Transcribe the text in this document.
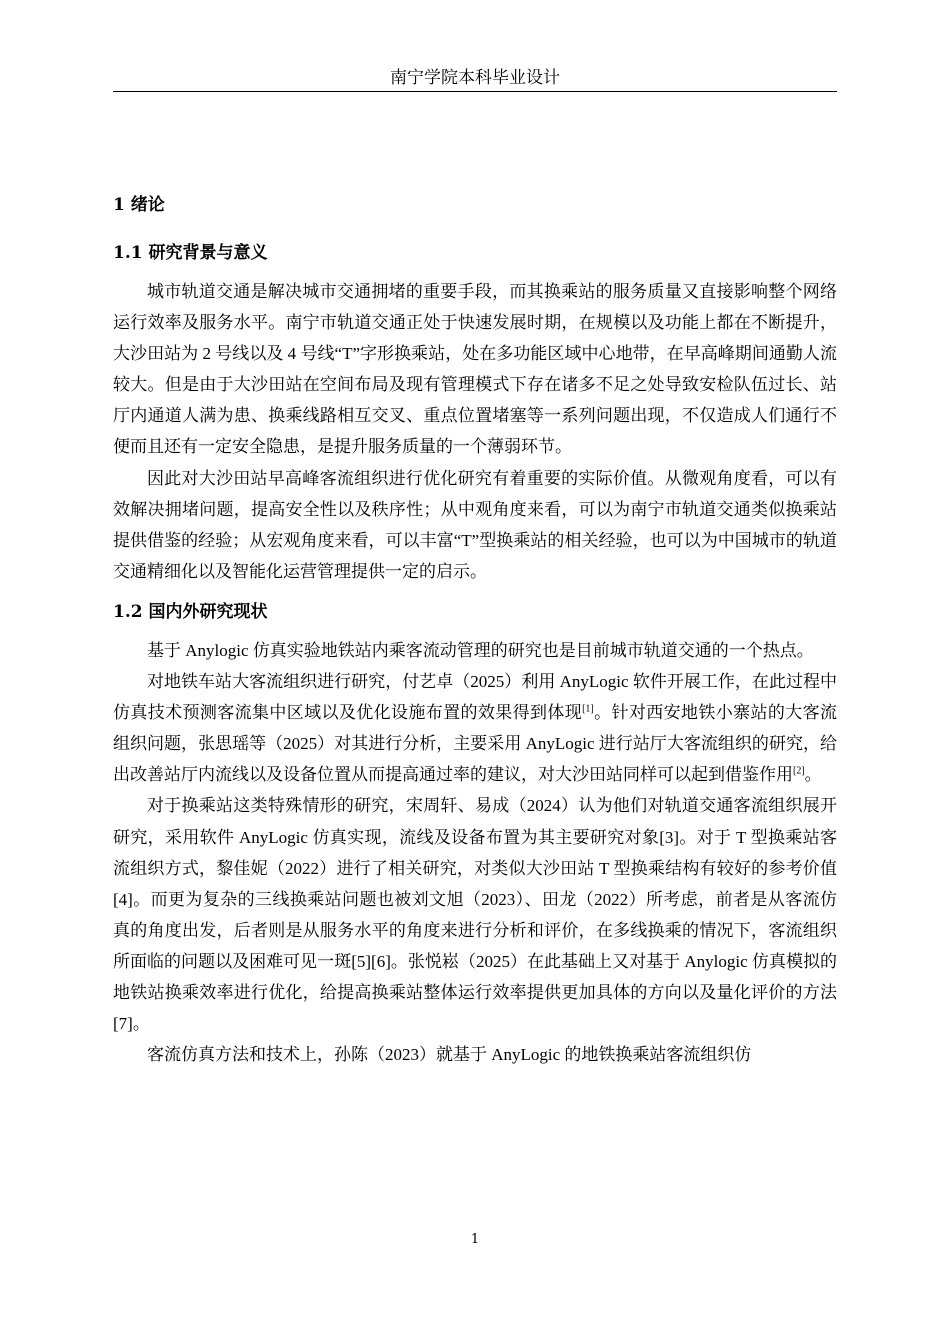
南宁学院本科毕业设计
1 绪论
1.1 研究背景与意义

城市轨道交通是解决城市交通拥堵的重要手段，而其换乘站的服务质量又直接影响整个网络运行效率及服务水平。南宁市轨道交通正处于快速发展时期，在规模以及功能上都在不断提升，大沙田站为 2 号线以及 4 号线“T”字形换乘站，处在多功能区域中心地带，在早高峰期间通勤人流较大。但是由于大沙田站在空间布局及现有管理模式下存在诸多不足之处导致安检队伍过长、站厅内通道人满为患、换乘线路相互交叉、重点位置堵塞等一系列问题出现，不仅造成人们通行不便而且还有一定安全隐患，是提升服务质量的一个薄弱环节。

因此对大沙田站早高峰客流组织进行优化研究有着重要的实际价值。从微观角度看，可以有效解决拥堵问题，提高安全性以及秩序性；从中观角度来看，可以为南宁市轨道交通类似换乘站提供借鉴的经验；从宏观角度来看，可以丰富“T”型换乘站的相关经验，也可以为中国城市的轨道交通精细化以及智能化运营管理提供一定的启示。

1.2 国内外研究现状

基于 Anylogic 仿真实验地铁站内乘客流动管理的研究也是目前城市轨道交通的一个热点。

对地铁车站大客流组织进行研究，付艺卓（2025）利用 AnyLogic 软件开展工作，在此过程中仿真技术预测客流集中区域以及优化设施布置的效果得到体现[1]。针对西安地铁小寨站的大客流组织问题，张思瑶等（2025）对其进行分析，主要采用 AnyLogic 进行站厅大客流组织的研究，给出改善站厅内流线以及设备位置从而提高通过率的建议，对大沙田站同样可以起到借鉴作用[2]。

对于换乘站这类特殊情形的研究，宋周轩、易成（2024）认为他们对轨道交通客流组织展开研究，采用软件 AnyLogic 仿真实现，流线及设备布置为其主要研究对象[3]。对于 T 型换乘站客流组织方式，黎佳妮（2022）进行了相关研究，对类似大沙田站 T 型换乘结构有较好的参考价值[4]。而更为复杂的三线换乘站问题也被刘文旭（2023）、田龙（2022）所考虑，前者是从客流仿真的角度出发，后者则是从服务水平的角度来进行分析和评价，在多线换乘的情况下，客流组织所面临的问题以及困难可见一斑[5][6]。张悦崧（2025）在此基础上又对基于 Anylogic 仿真模拟的地铁站换乘效率进行优化，给提高换乘站整体运行效率提供更加具体的方向以及量化评价的方法[7]。

客流仿真方法和技术上，孙陈（2023）就基于 AnyLogic 的地铁换乘站客流组织仿

1
